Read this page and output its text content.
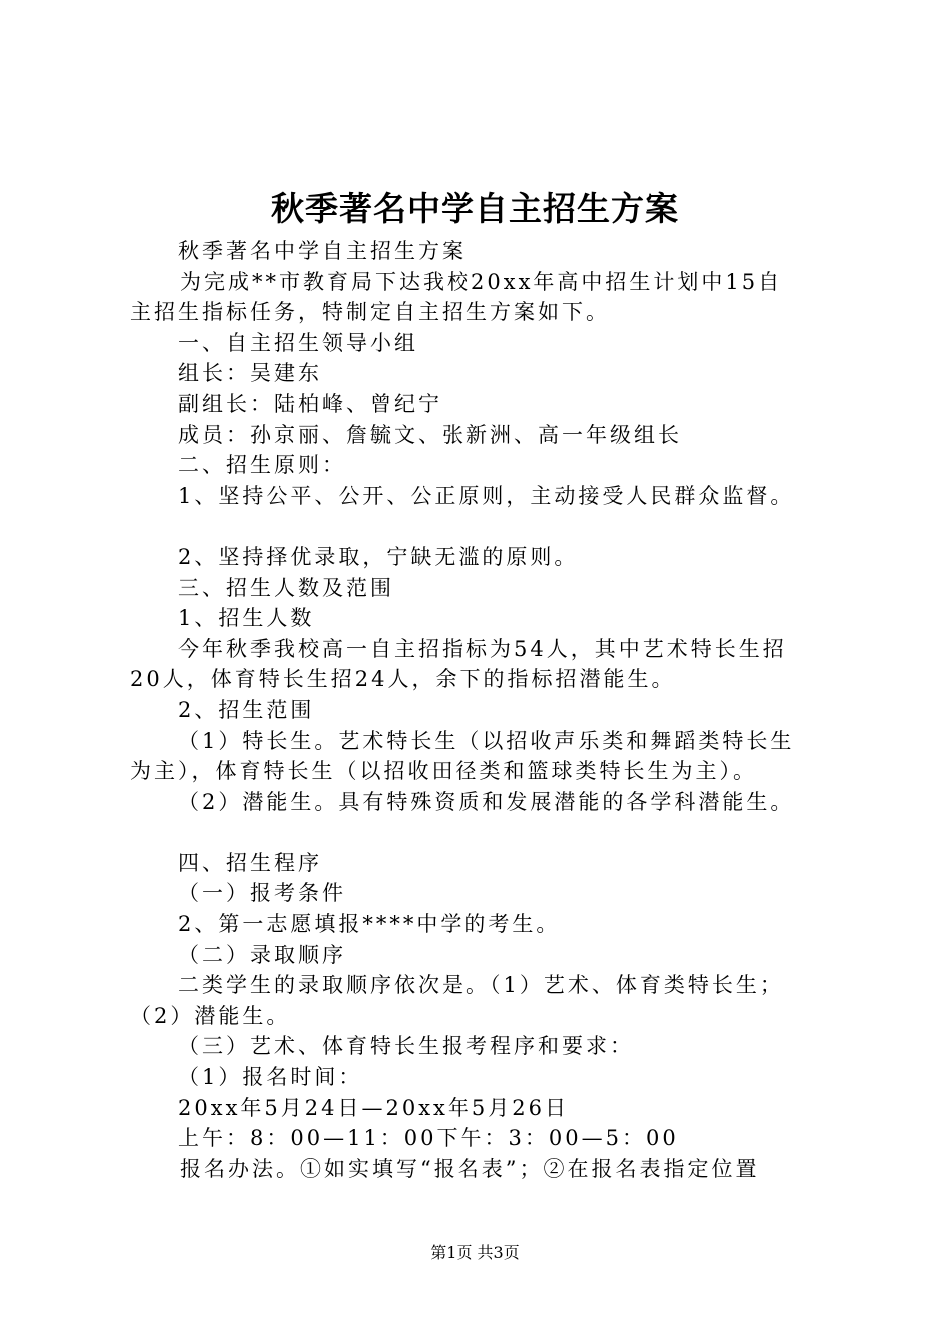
秋季著名中学自主招生方案

秋季著名中学自主招生方案

为完成**市教育局下达我校20xx年高中招生计划中15自

主招生指标任务，特制定自主招生方案如下。

一、自主招生领导小组

组长：吴建东

副组长：陆柏峰、曾纪宁

成员：孙京丽、詹毓文、张新洲、高一年级组长

二、招生原则：

1、坚持公平、公开、公正原则，主动接受人民群众监督。

2、坚持择优录取，宁缺无滥的原则。

三、招生人数及范围

1、招生人数

今年秋季我校高一自主招指标为54人，其中艺术特长生招

20人，体育特长生招24人，余下的指标招潜能生。

2、招生范围

（1）特长生。艺术特长生（以招收声乐类和舞蹈类特长生

为主），体育特长生（以招收田径类和篮球类特长生为主）。

（2）潜能生。具有特殊资质和发展潜能的各学科潜能生。

四、招生程序

（一）报考条件

2、第一志愿填报****中学的考生。

（二）录取顺序

二类学生的录取顺序依次是。（1）艺术、体育类特长生；

（2）潜能生。

（三）艺术、体育特长生报考程序和要求：

（1）报名时间：

20xx年5月24日—20xx年5月26日

上午：8：00—11：00下午：3：00—5：00

报名办法。①如实填写“报名表”；②在报名表指定位置

第1页 共3页
